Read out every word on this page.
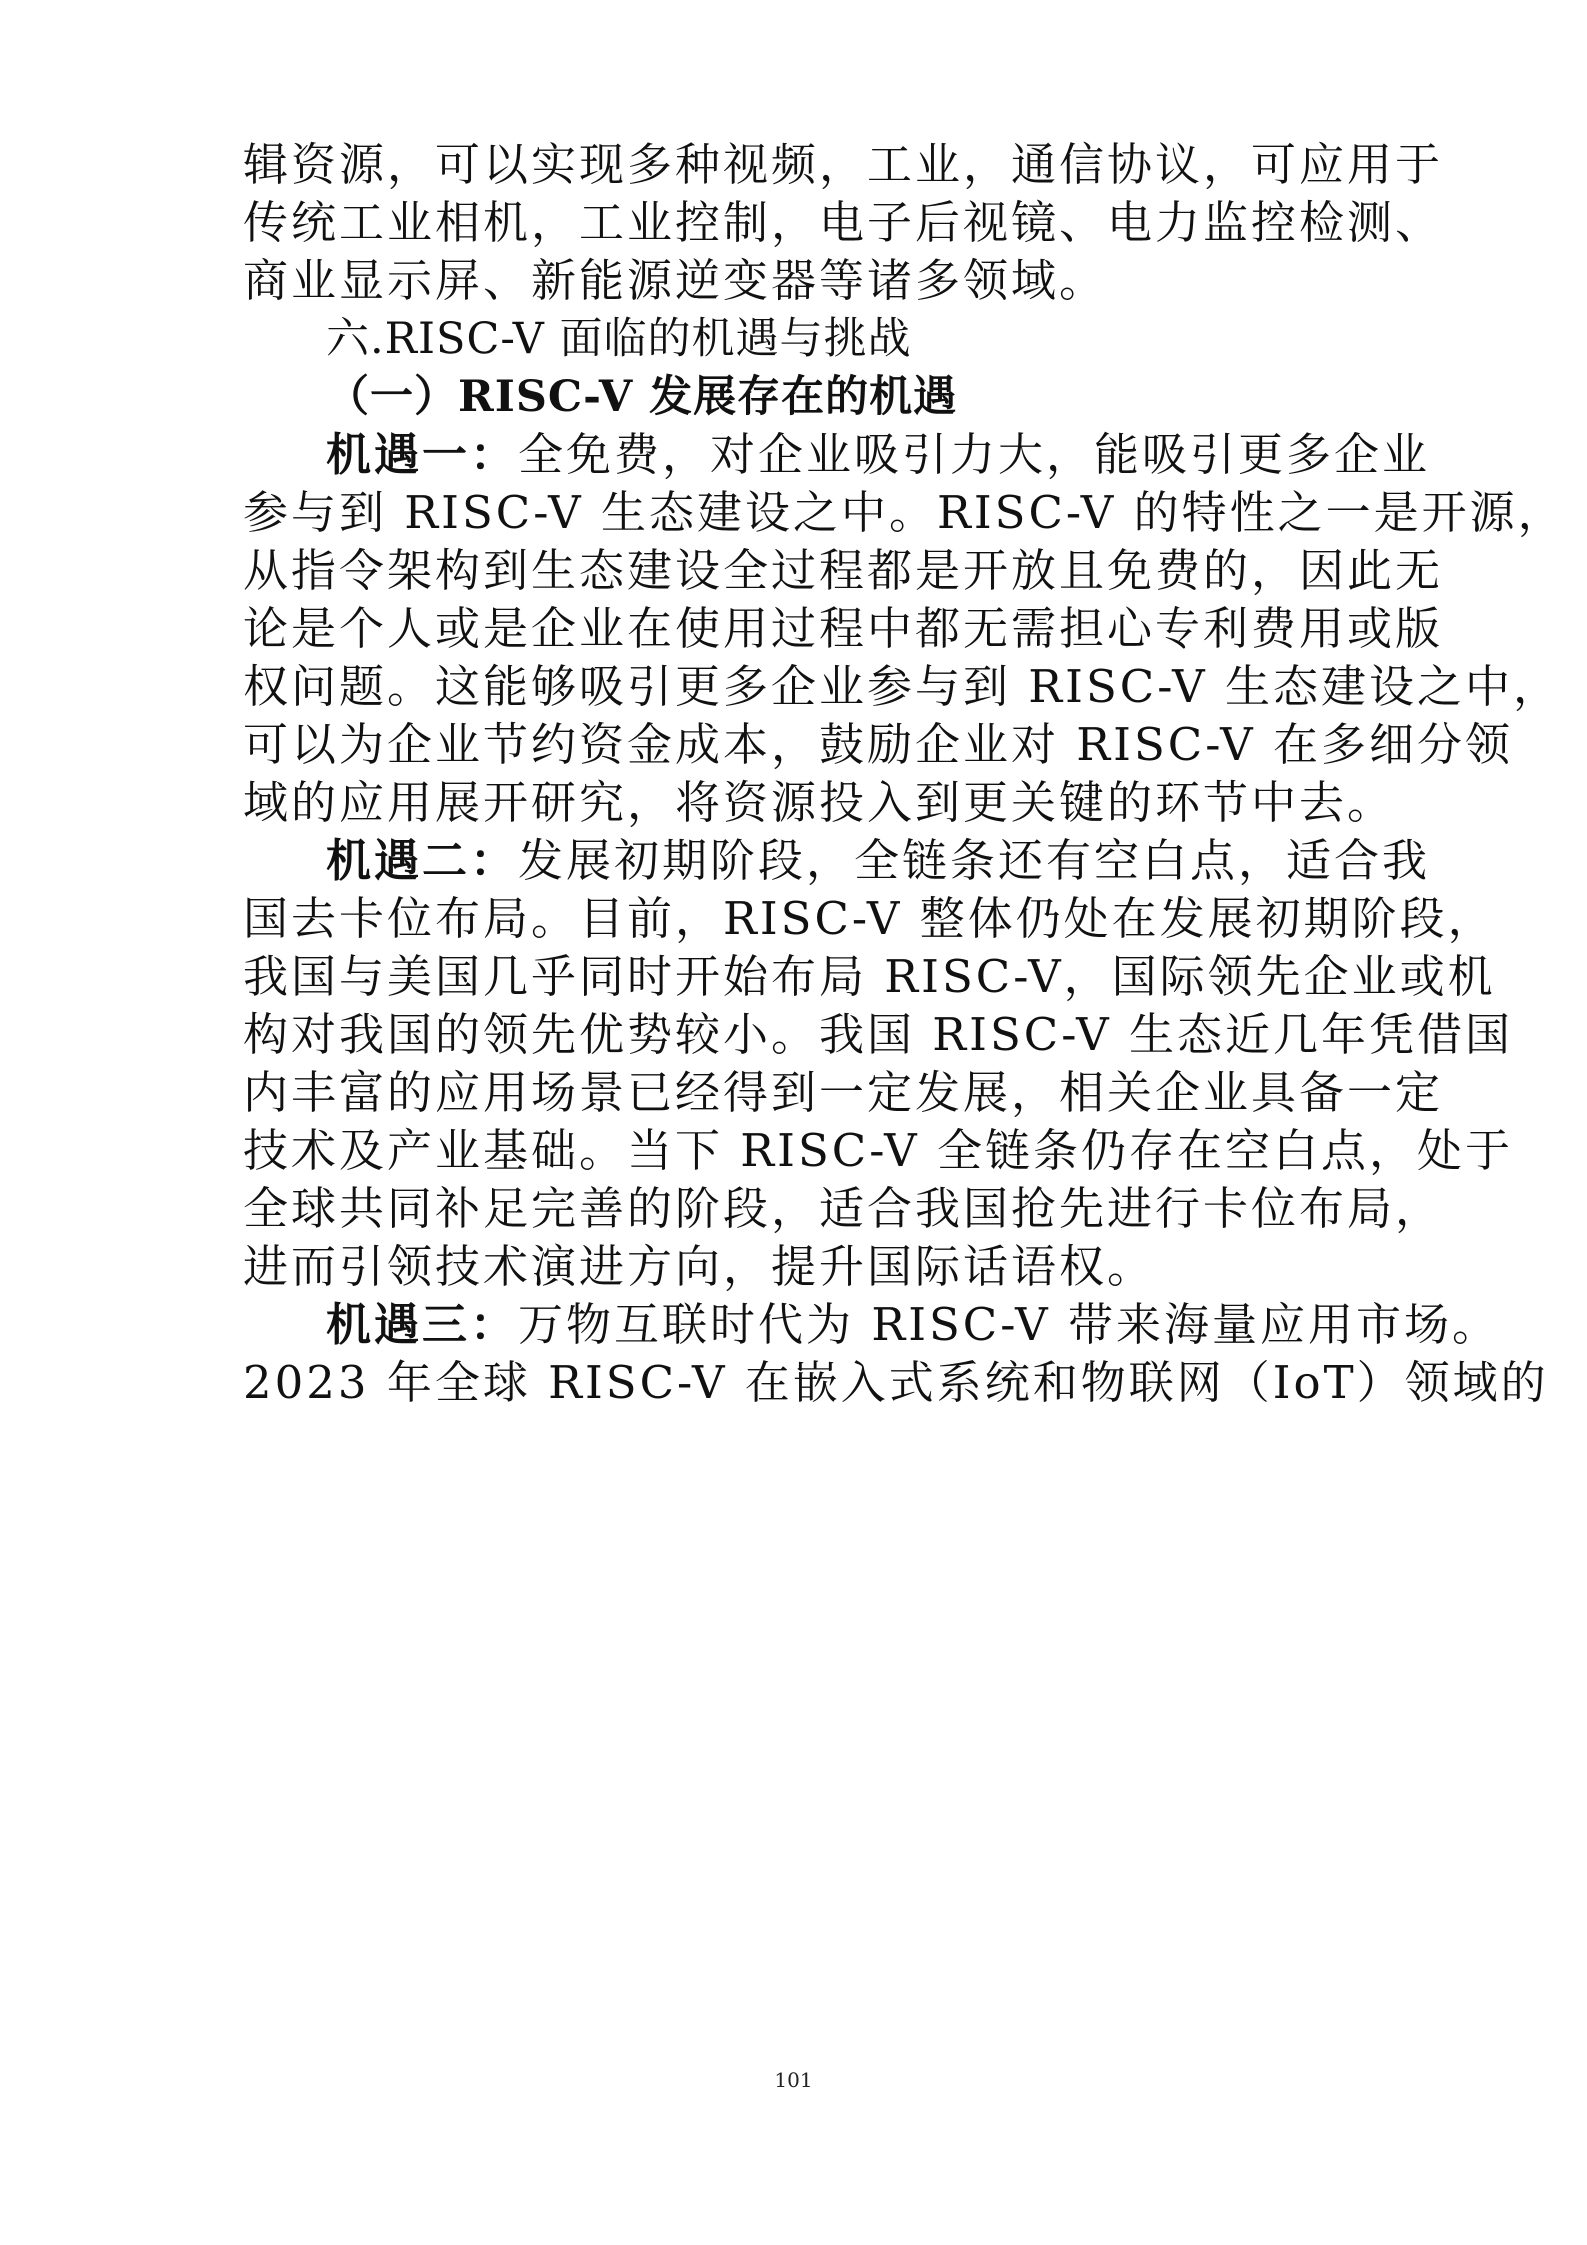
辑资源，可以实现多种视频，工业，通信协议，可应用于
传统工业相机，工业控制，电子后视镜、电力监控检测、
商业显示屏、新能源逆变器等诸多领域。
六.RISC-V 面临的机遇与挑战
（一）RISC-V 发展存在的机遇
机遇一：全免费，对企业吸引力大，能吸引更多企业
参与到 RISC-V 生态建设之中。RISC-V 的特性之一是开源，
从指令架构到生态建设全过程都是开放且免费的，因此无
论是个人或是企业在使用过程中都无需担心专利费用或版
权问题。这能够吸引更多企业参与到 RISC-V 生态建设之中，
可以为企业节约资金成本，鼓励企业对 RISC-V 在多细分领
域的应用展开研究，将资源投入到更关键的环节中去。
机遇二：发展初期阶段，全链条还有空白点，适合我
国去卡位布局。目前，RISC-V 整体仍处在发展初期阶段，
我国与美国几乎同时开始布局 RISC-V，国际领先企业或机
构对我国的领先优势较小。我国 RISC-V 生态近几年凭借国
内丰富的应用场景已经得到一定发展，相关企业具备一定
技术及产业基础。当下 RISC-V 全链条仍存在空白点，处于
全球共同补足完善的阶段，适合我国抢先进行卡位布局，
进而引领技术演进方向，提升国际话语权。
机遇三：万物互联时代为 RISC-V 带来海量应用市场。
2023 年全球 RISC-V 在嵌入式系统和物联网（IoT）领域的
101
